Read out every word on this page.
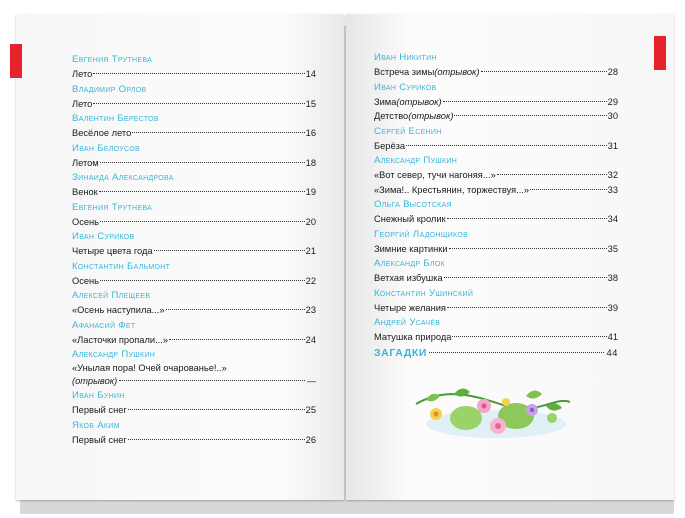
Евгения Трутнева
Лето	14
Владимир Орлов
Лето	15
Валентин Берестов
Весёлое лето	16
Иван Белоусов
Летом	18
Зинаида Александрова
Венок	19
Евгения Трутнева
Осень	20
Иван Суриков
Четыре цвета года	21
Константин Бальмонт
Осень	22
Алексей Плещеев
«Осень наступила...»	23
Афанасий Фет
«Ласточки пропали...»	24
Александр Пушкин
«Унылая пора! Очей очарованье!..»
(отрывок)	—
Иван Бунин
Первый снег	25
Яков Аким
Первый снег	26
Иван Никитин
Встреча зимы (отрывок)	28
Иван Суриков
Зима (отрывок)	29
Детство (отрывок)	30
Сергей Есенин
Берёза	31
Александр Пушкин
«Вот север, тучи нагоняя...»	32
«Зима!.. Крестьянин, торжествуя...»	33
Ольга Высотская
Снежный кролик	34
Георгий Ладонщиков
Зимние картинки	35
Александр Блок
Ветхая избушка	38
Константин Ушинский
Четыре желания	39
Андрей Усачёв
Матушка природа	41
ЗАГАДКИ	44
